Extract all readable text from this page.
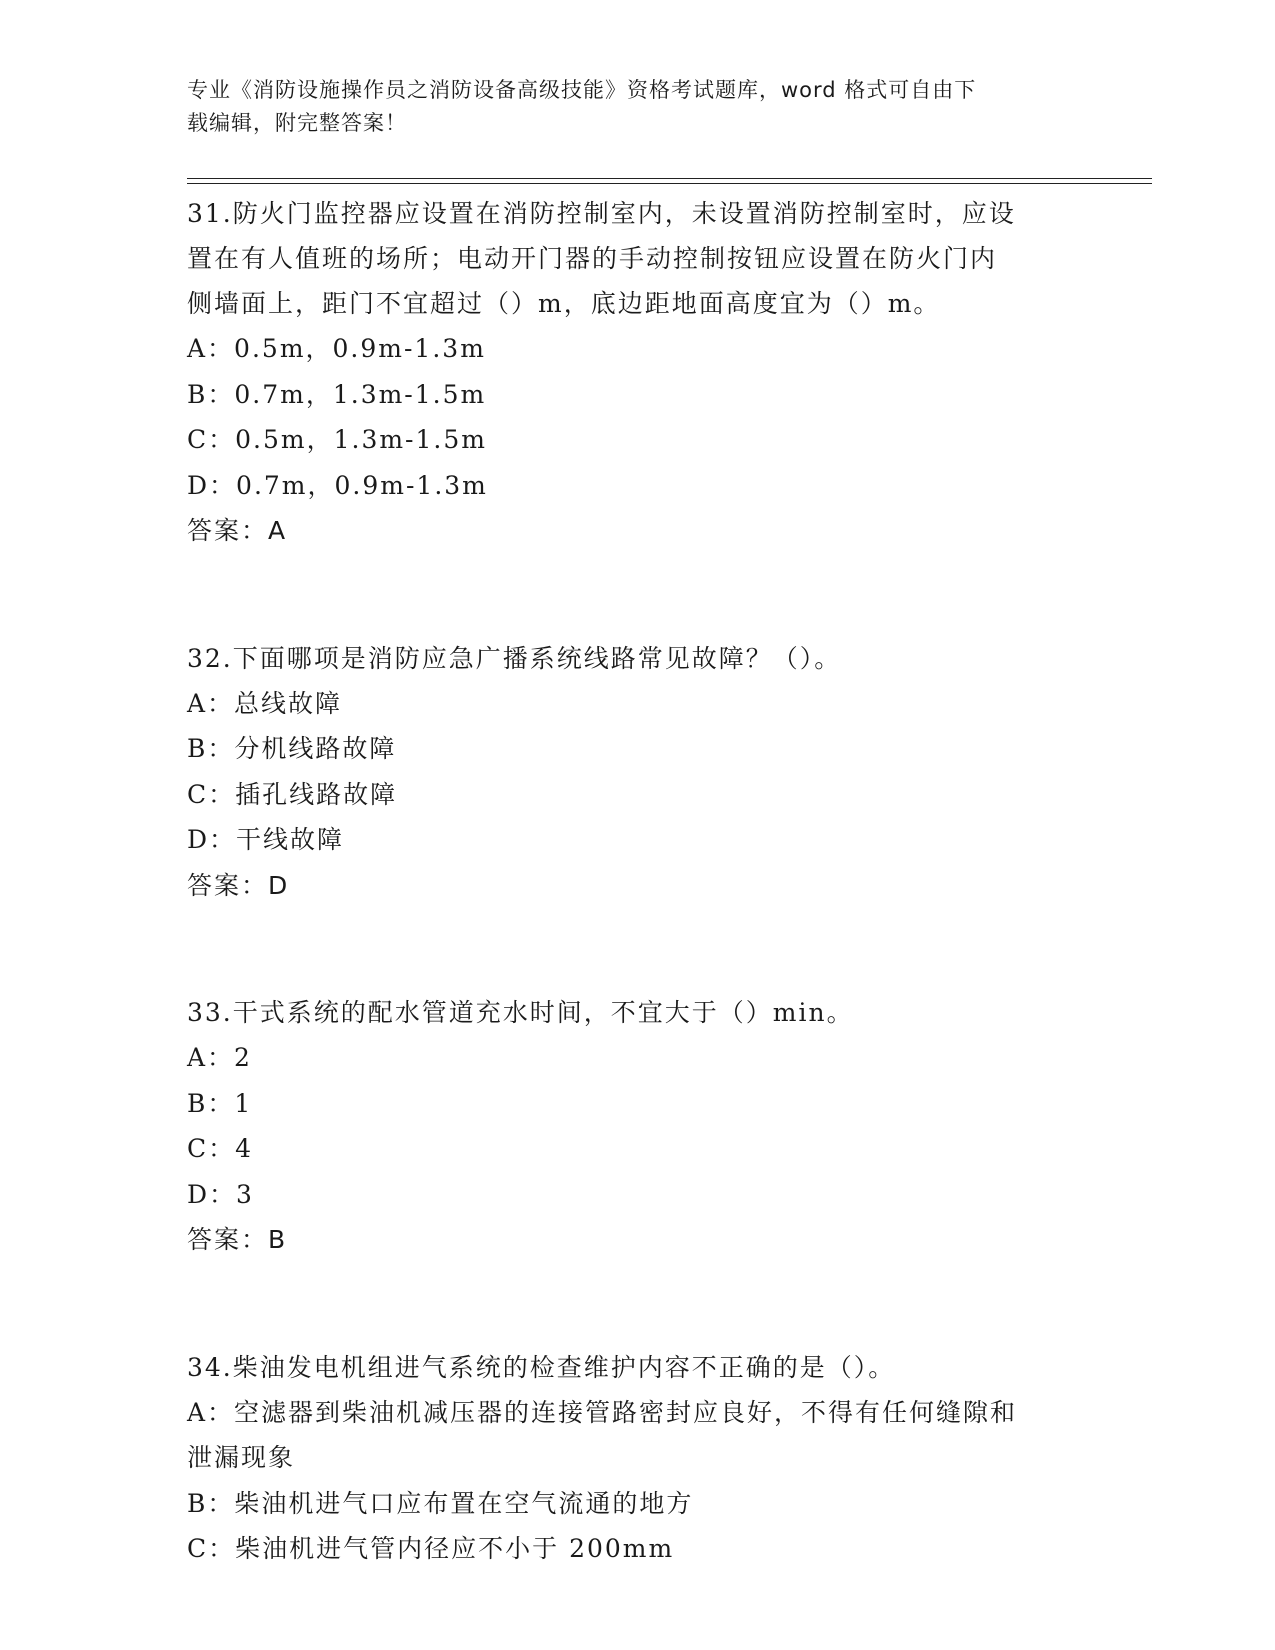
专业《消防设施操作员之消防设备高级技能》资格考试题库，word 格式可自由下
载编辑，附完整答案！
31.防火门监控器应设置在消防控制室内，未设置消防控制室时，应设
置在有人值班的场所；电动开门器的手动控制按钮应设置在防火门内
侧墙面上，距门不宜超过（）m，底边距地面高度宜为（）m。
A：0.5m，0.9m-1.3m
B：0.7m，1.3m-1.5m
C：0.5m，1.3m-1.5m
D：0.7m，0.9m-1.3m
答案：A
32.下面哪项是消防应急广播系统线路常见故障？（）。
A：总线故障
B：分机线路故障
C：插孔线路故障
D：干线故障
答案：D
33.干式系统的配水管道充水时间，不宜大于（）min。
A：2
B：1
C：4
D：3
答案：B
34.柴油发电机组进气系统的检查维护内容不正确的是（）。
A：空滤器到柴油机减压器的连接管路密封应良好，不得有任何缝隙和
泄漏现象
B：柴油机进气口应布置在空气流通的地方
C：柴油机进气管内径应不小于 200mm
